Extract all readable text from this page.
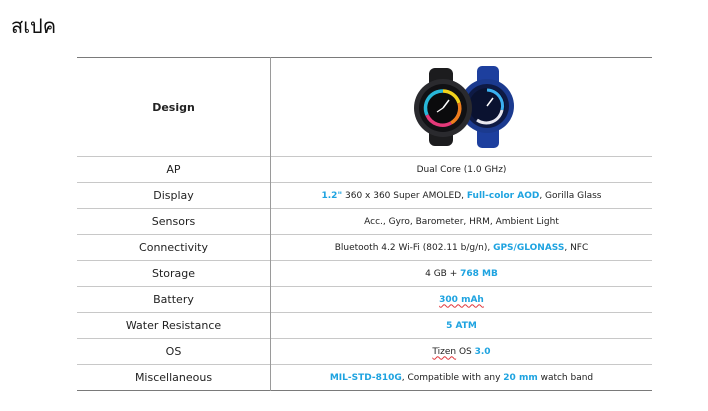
สเปค
Design	
AP	Dual Core (1.0 GHz)
Display	1.2" 360 x 360 Super AMOLED, Full-color AOD, Gorilla Glass
Sensors	Acc., Gyro, Barometer, HRM, Ambient Light
Connectivity	Bluetooth 4.2 Wi-Fi (802.11 b/g/n), GPS/GLONASS, NFC
Storage	4 GB + 768 MB
Battery	300 mAh
Water Resistance	5 ATM
OS	Tizen OS 3.0
Miscellaneous	MIL-STD-810G, Compatible with any 20 mm watch band
